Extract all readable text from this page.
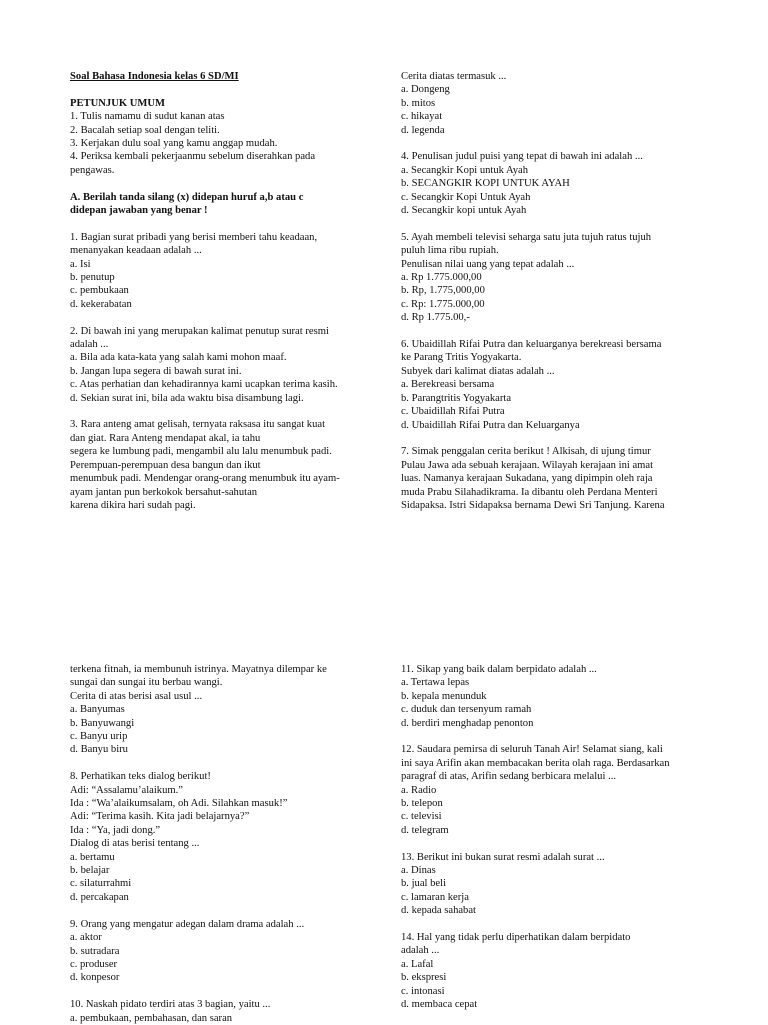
Soal Bahasa Indonesia kelas 6 SD/MI
PETUNJUK UMUM
1. Tulis namamu di sudut kanan atas
2. Bacalah setiap soal dengan teliti.
3. Kerjakan dulu soal yang kamu anggap mudah.
4. Periksa kembali pekerjaanmu sebelum diserahkan pada
pengawas.
A. Berilah tanda silang (x) didepan huruf a,b atau c
didepan jawaban yang benar !
1. Bagian surat pribadi yang berisi memberi tahu keadaan,
menanyakan keadaan adalah ...
a. Isi
b. penutup
c. pembukaan
d. kekerabatan
2. Di bawah ini yang merupakan kalimat penutup surat resmi
adalah ...
a. Bila ada kata-kata yang salah kami mohon maaf.
b. Jangan lupa segera di bawah surat ini.
c. Atas perhatian dan kehadirannya kami ucapkan terima kasih.
d. Sekian surat ini, bila ada waktu bisa disambung lagi.
3. Rara anteng amat gelisah, ternyata raksasa itu sangat kuat
dan giat. Rara Anteng mendapat akal, ia tahu
segera ke lumbung padi, mengambil alu lalu menumbuk padi.
Perempuan-perempuan desa bangun dan ikut
menumbuk padi. Mendengar orang-orang menumbuk itu ayam-
ayam jantan pun berkokok bersahut-sahutan
karena dikira hari sudah pagi.
Cerita diatas termasuk ...
a. Dongeng
b. mitos
c. hikayat
d. legenda
4. Penulisan judul puisi yang tepat di bawah ini adalah ...
a. Secangkir Kopi untuk Ayah
b. SECANGKIR KOPI UNTUK AYAH
c. Secangkir Kopi Untuk Ayah
d. Secangkir kopi untuk Ayah
5. Ayah membeli televisi seharga satu juta tujuh ratus tujuh
puluh lima ribu rupiah.
Penulisan nilai uang yang tepat adalah ...
a. Rp 1.775.000,00
b. Rp, 1.775,000,00
c. Rp: 1.775.000,00
d. Rp 1.775.00,-
6. Ubaidillah Rifai Putra dan keluarganya berekreasi bersama
ke Parang Tritis Yogyakarta.
Subyek dari kalimat diatas adalah ...
a. Berekreasi bersama
b. Parangtritis Yogyakarta
c. Ubaidillah Rifai Putra
d. Ubaidillah Rifai Putra dan Keluarganya
7. Simak penggalan cerita berikut ! Alkisah, di ujung timur
Pulau Jawa ada sebuah kerajaan. Wilayah kerajaan ini amat
luas. Namanya kerajaan Sukadana, yang dipimpin oleh raja
muda Prabu Silahadikrama. Ia dibantu oleh Perdana Menteri
Sidapaksa. Istri Sidapaksa bernama Dewi Sri Tanjung. Karena
terkena fitnah, ia membunuh istrinya. Mayatnya dilempar ke
sungai dan sungai itu berbau wangi.
Cerita di atas berisi asal usul ...
a. Banyumas
b. Banyuwangi
c. Banyu urip
d. Banyu biru
8. Perhatikan teks dialog berikut!
Adi: “Assalamu’alaikum.”
Ida : “Wa’alaikumsalam, oh Adi. Silahkan masuk!”
Adi: “Terima kasih. Kita jadi belajarnya?”
Ida : “Ya, jadi dong.”
Dialog di atas berisi tentang ...
a. bertamu
b. belajar
c. silaturrahmi
d. percakapan
9. Orang yang mengatur adegan dalam drama adalah ...
a. aktor
b. sutradara
c. produser
d. konpesor
10. Naskah pidato terdiri atas 3 bagian, yaitu ...
a. pembukaan, pembahasan, dan saran
11. Sikap yang baik dalam berpidato adalah ...
a. Tertawa lepas
b. kepala menunduk
c. duduk dan tersenyum ramah
d. berdiri menghadap penonton
12. Saudara pemirsa di seluruh Tanah Air! Selamat siang, kali
ini saya Arifin akan membacakan berita olah raga. Berdasarkan
paragraf di atas, Arifin sedang berbicara melalui ...
a. Radio
b. telepon
c. televisi
d. telegram
13. Berikut ini bukan surat resmi adalah surat ...
a. Dinas
b. jual beli
c. lamaran kerja
d. kepada sahabat
14. Hal yang tidak perlu diperhatikan dalam berpidato
adalah ...
a. Lafal
b. ekspresi
c. intonasi
d. membaca cepat
